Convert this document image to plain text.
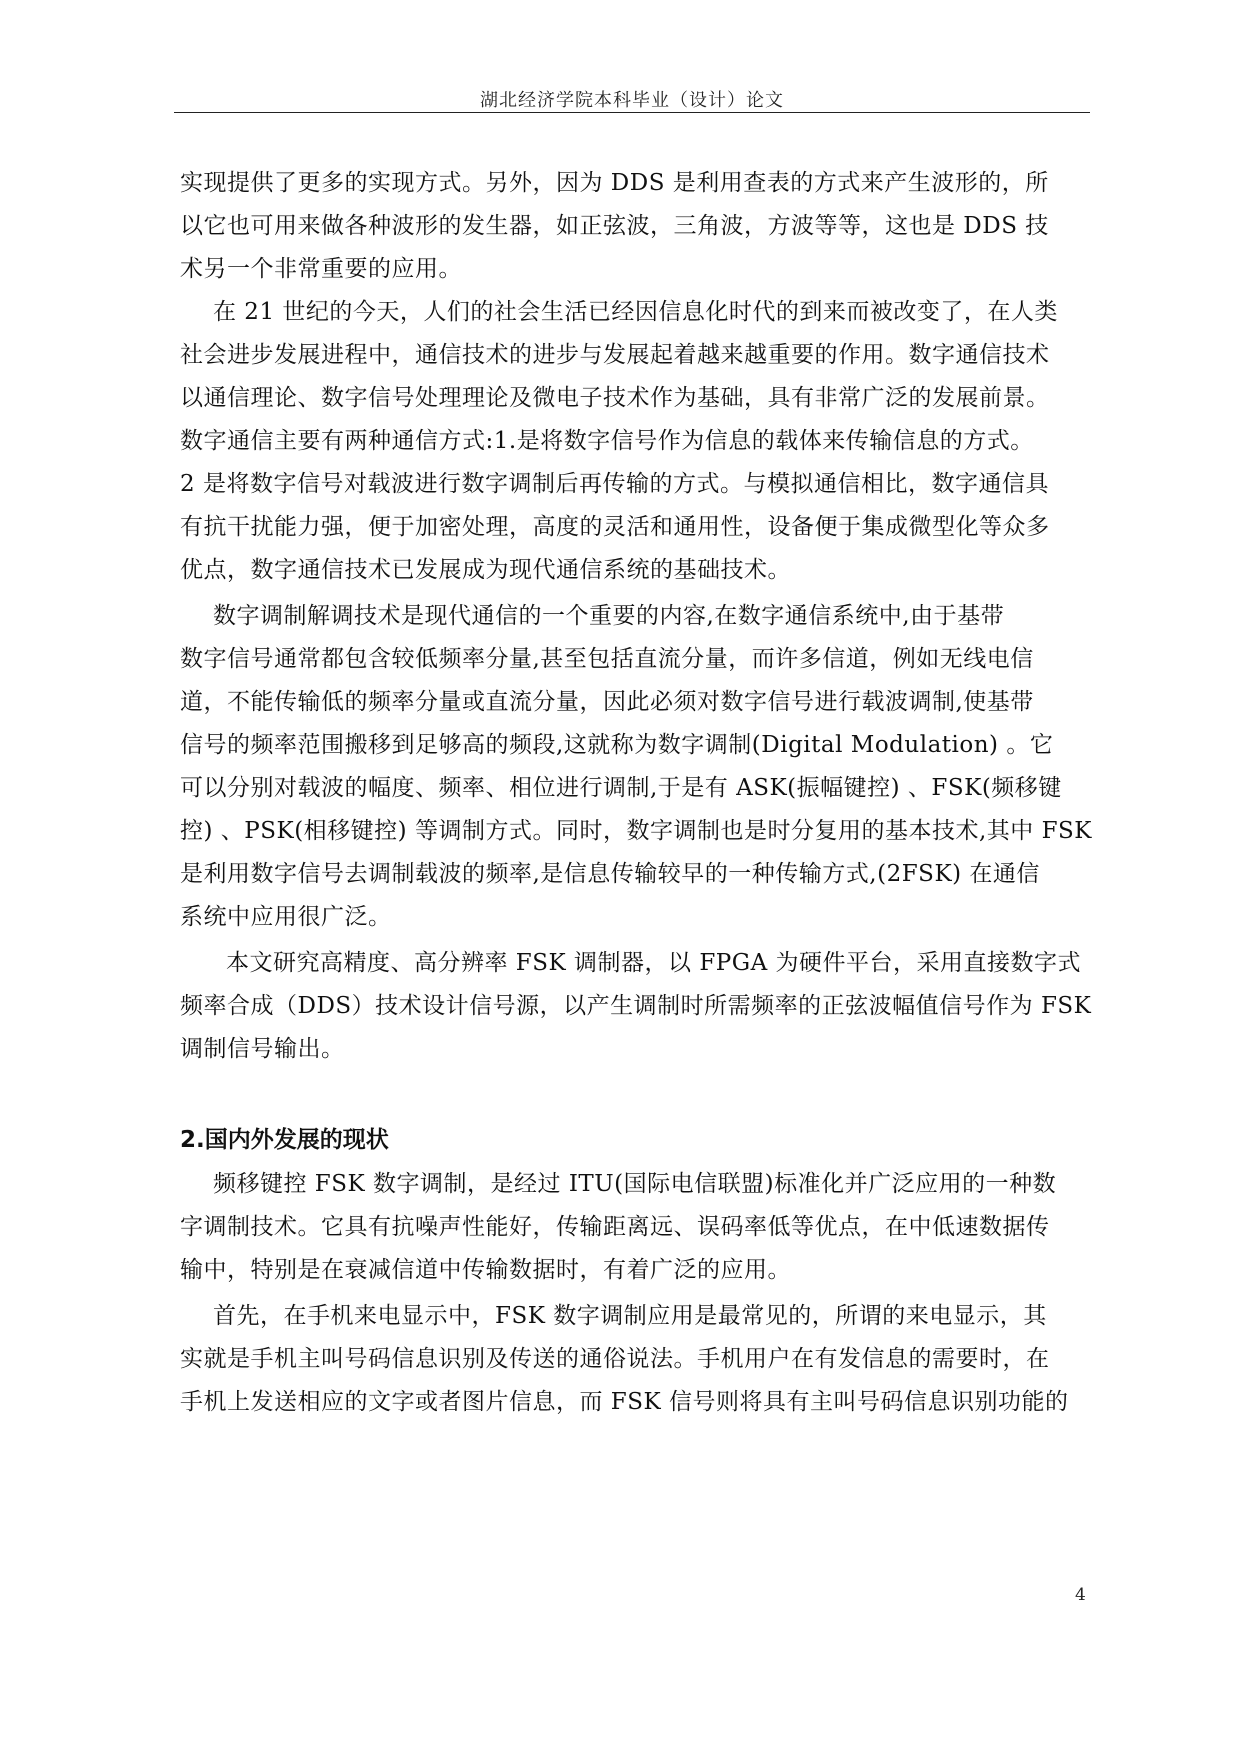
湖北经济学院本科毕业（设计）论文
实现提供了更多的实现方式。另外，因为 DDS 是利用查表的方式来产生波形的，所
以它也可用来做各种波形的发生器，如正弦波，三角波，方波等等，这也是 DDS 技
术另一个非常重要的应用。
在 21 世纪的今天，人们的社会生活已经因信息化时代的到来而被改变了，在人类
社会进步发展进程中，通信技术的进步与发展起着越来越重要的作用。数字通信技术
以通信理论、数字信号处理理论及微电子技术作为基础，具有非常广泛的发展前景。
数字通信主要有两种通信方式:1.是将数字信号作为信息的载体来传输信息的方式。
2 是将数字信号对载波进行数字调制后再传输的方式。与模拟通信相比，数字通信具
有抗干扰能力强，便于加密处理，高度的灵活和通用性，设备便于集成微型化等众多
优点，数字通信技术已发展成为现代通信系统的基础技术。
数字调制解调技术是现代通信的一个重要的内容,在数字通信系统中,由于基带
数字信号通常都包含较低频率分量,甚至包括直流分量，而许多信道，例如无线电信
道，不能传输低的频率分量或直流分量，因此必须对数字信号进行载波调制,使基带
信号的频率范围搬移到足够高的频段,这就称为数字调制(Digital Modulation) 。它
可以分别对载波的幅度、频率、相位进行调制,于是有 ASK(振幅键控) 、FSK(频移键
控) 、PSK(相移键控) 等调制方式。同时，数字调制也是时分复用的基本技术,其中 FSK
是利用数字信号去调制载波的频率,是信息传输较早的一种传输方式,(2FSK) 在通信
系统中应用很广泛。
本文研究高精度、高分辨率 FSK 调制器，以 FPGA 为硬件平台，采用直接数字式
频率合成（DDS）技术设计信号源，以产生调制时所需频率的正弦波幅值信号作为 FSK
调制信号输出。
2.国内外发展的现状
频移键控 FSK 数字调制，是经过 ITU(国际电信联盟)标准化并广泛应用的一种数
字调制技术。它具有抗噪声性能好，传输距离远、误码率低等优点，在中低速数据传
输中，特别是在衰减信道中传输数据时，有着广泛的应用。
首先，在手机来电显示中，FSK 数字调制应用是最常见的，所谓的来电显示，其
实就是手机主叫号码信息识别及传送的通俗说法。手机用户在有发信息的需要时，在
手机上发送相应的文字或者图片信息，而 FSK 信号则将具有主叫号码信息识别功能的
4
